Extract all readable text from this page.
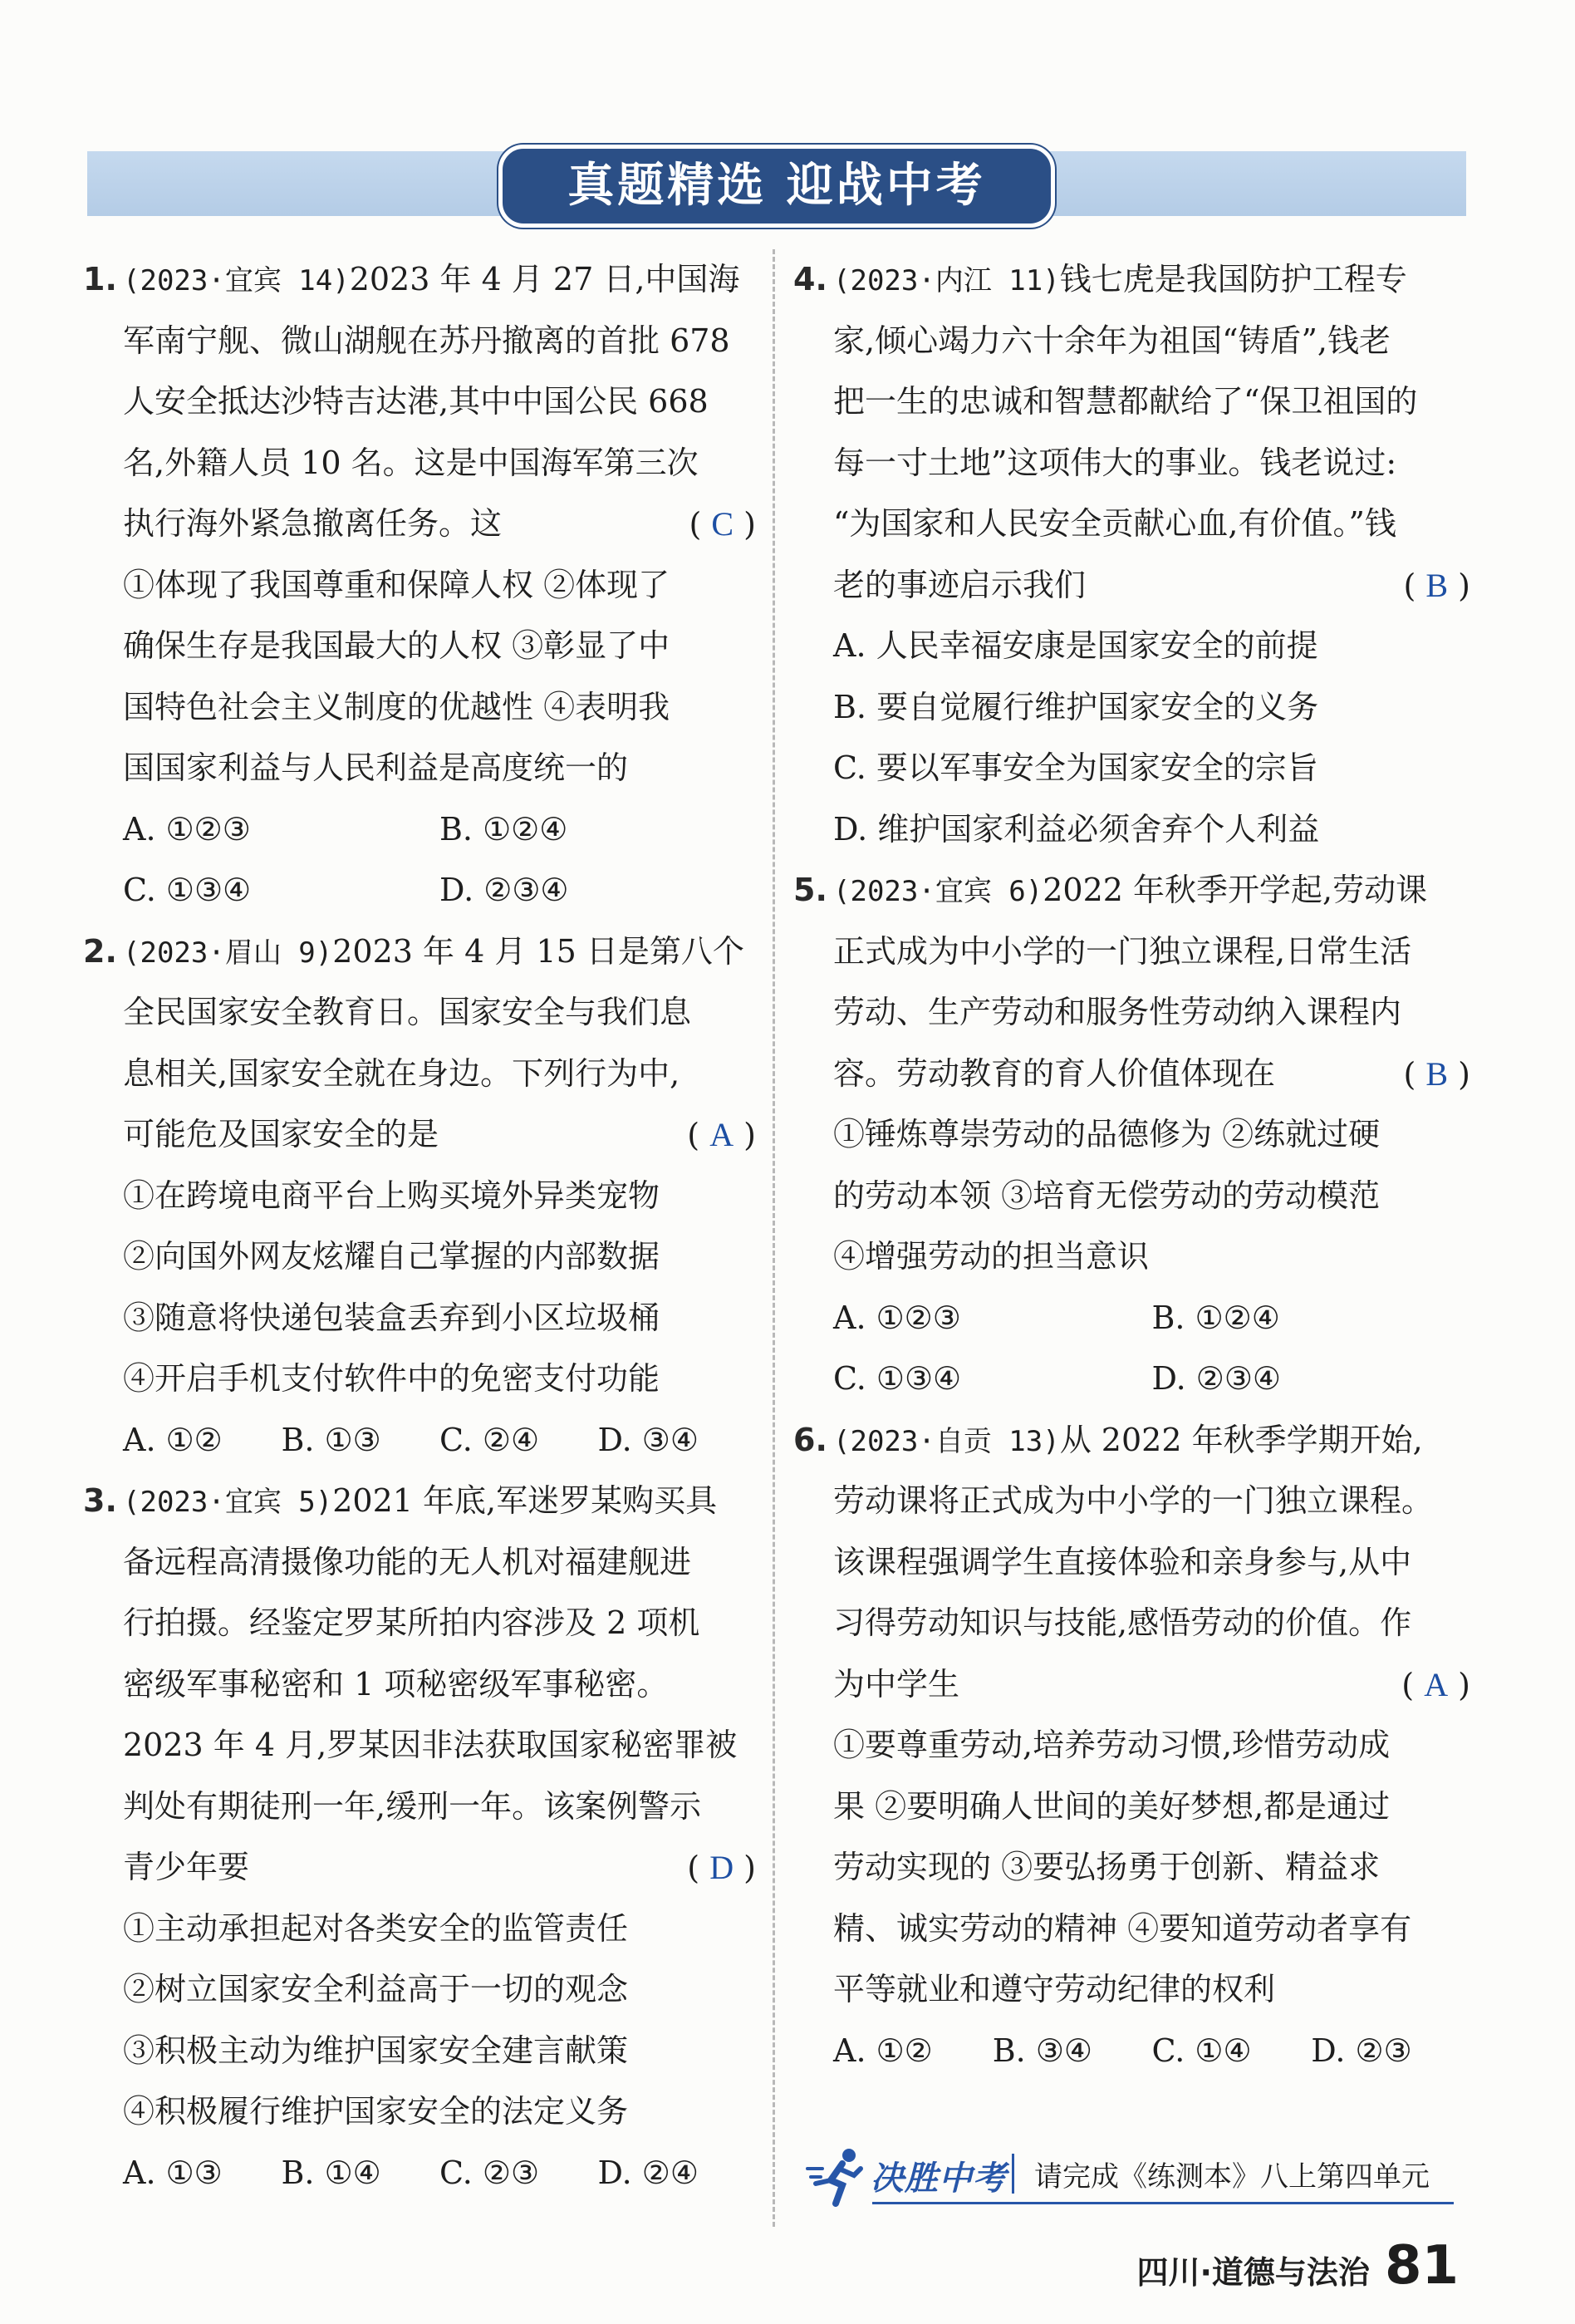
真题精选 迎战中考
1. (2023·宜宾 14)2023 年 4 月 27 日,中国海
军南宁舰、微山湖舰在苏丹撤离的首批 678
人安全抵达沙特吉达港,其中中国公民 668
名,外籍人员 10 名。这是中国海军第三次
执行海外紧急撤离任务。这	( C )
①体现了我国尊重和保障人权 ②体现了
确保生存是我国最大的人权 ③彰显了中
国特色社会主义制度的优越性 ④表明我
国国家利益与人民利益是高度统一的
A. ①②③	B. ①②④
C. ①③④	D. ②③④
2. (2023·眉山 9)2023 年 4 月 15 日是第八个
全民国家安全教育日。国家安全与我们息
息相关,国家安全就在身边。下列行为中,
可能危及国家安全的是	( A )
①在跨境电商平台上购买境外异类宠物
②向国外网友炫耀自己掌握的内部数据
③随意将快递包装盒丢弃到小区垃圾桶
④开启手机支付软件中的免密支付功能
A. ①②	B. ①③	C. ②④	D. ③④
3. (2023·宜宾 5)2021 年底,军迷罗某购买具
备远程高清摄像功能的无人机对福建舰进
行拍摄。经鉴定罗某所拍内容涉及 2 项机
密级军事秘密和 1 项秘密级军事秘密。
2023 年 4 月,罗某因非法获取国家秘密罪被
判处有期徒刑一年,缓刑一年。该案例警示
青少年要	( D )
①主动承担起对各类安全的监管责任
②树立国家安全利益高于一切的观念
③积极主动为维护国家安全建言献策
④积极履行维护国家安全的法定义务
A. ①③	B. ①④	C. ②③	D. ②④
4. (2023·内江 11)钱七虎是我国防护工程专
家,倾心竭力六十余年为祖国“铸盾”,钱老
把一生的忠诚和智慧都献给了“保卫祖国的
每一寸土地”这项伟大的事业。钱老说过:
“为国家和人民安全贡献心血,有价值。”钱
老的事迹启示我们	( B )
A. 人民幸福安康是国家安全的前提
B. 要自觉履行维护国家安全的义务
C. 要以军事安全为国家安全的宗旨
D. 维护国家利益必须舍弃个人利益
5. (2023·宜宾 6)2022 年秋季开学起,劳动课
正式成为中小学的一门独立课程,日常生活
劳动、生产劳动和服务性劳动纳入课程内
容。劳动教育的育人价值体现在	( B )
①锤炼尊崇劳动的品德修为 ②练就过硬
的劳动本领 ③培育无偿劳动的劳动模范
④增强劳动的担当意识
A. ①②③	B. ①②④
C. ①③④	D. ②③④
6. (2023·自贡 13)从 2022 年秋季学期开始,
劳动课将正式成为中小学的一门独立课程。
该课程强调学生直接体验和亲身参与,从中
习得劳动知识与技能,感悟劳动的价值。作
为中学生	( A )
①要尊重劳动,培养劳动习惯,珍惜劳动成
果 ②要明确人世间的美好梦想,都是通过
劳动实现的 ③要弘扬勇于创新、精益求
精、诚实劳动的精神 ④要知道劳动者享有
平等就业和遵守劳动纪律的权利
A. ①②	B. ③④	C. ①④	D. ②③
决胜中考 请完成《练测本》八上第四单元
四川·道德与法治 81
